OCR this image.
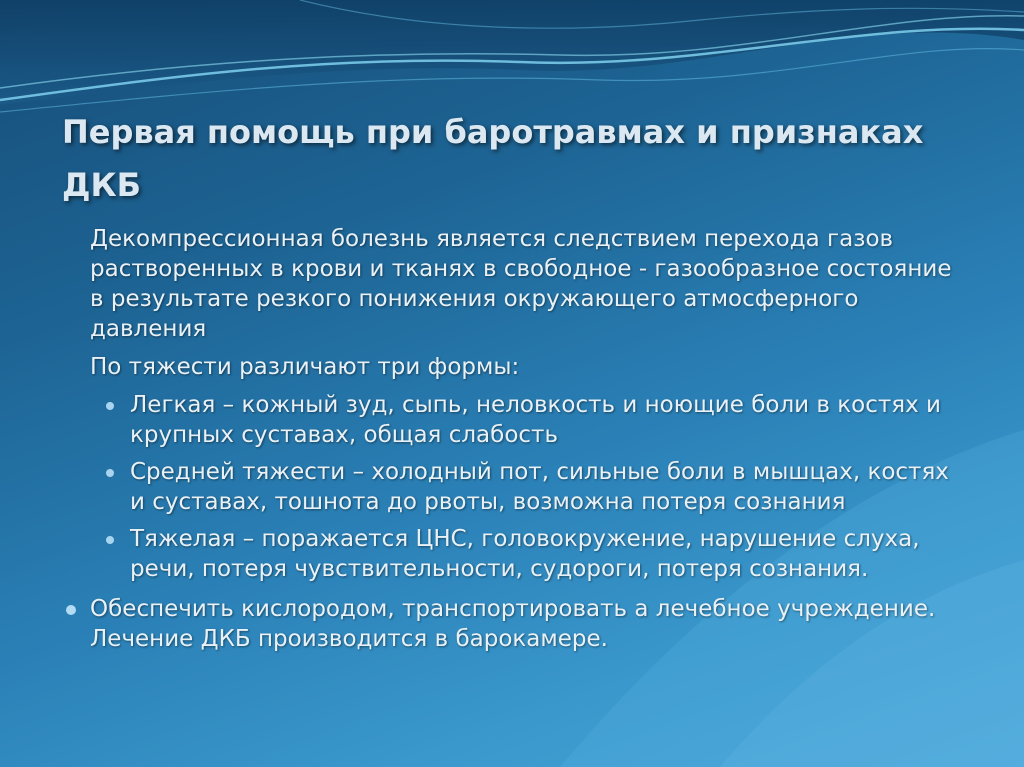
Первая помощь при баротравмах и признаках ДКБ

Декомпрессионная болезнь является следствием перехода газов растворенных в крови и тканях в свободное - газообразное состояние в результате резкого понижения окружающего атмосферного давления

По тяжести различают три формы:

Легкая – кожный зуд, сыпь, неловкость и ноющие боли в костях и крупных суставах, общая слабость
Средней тяжести – холодный пот, сильные боли в мышцах, костях и суставах, тошнота до рвоты, возможна потеря сознания
Тяжелая – поражается ЦНС, головокружение, нарушение слуха, речи, потеря чувствительности, судороги, потеря сознания.
Обеспечить кислородом, транспортировать а лечебное учреждение. Лечение ДКБ производится в барокамере.
